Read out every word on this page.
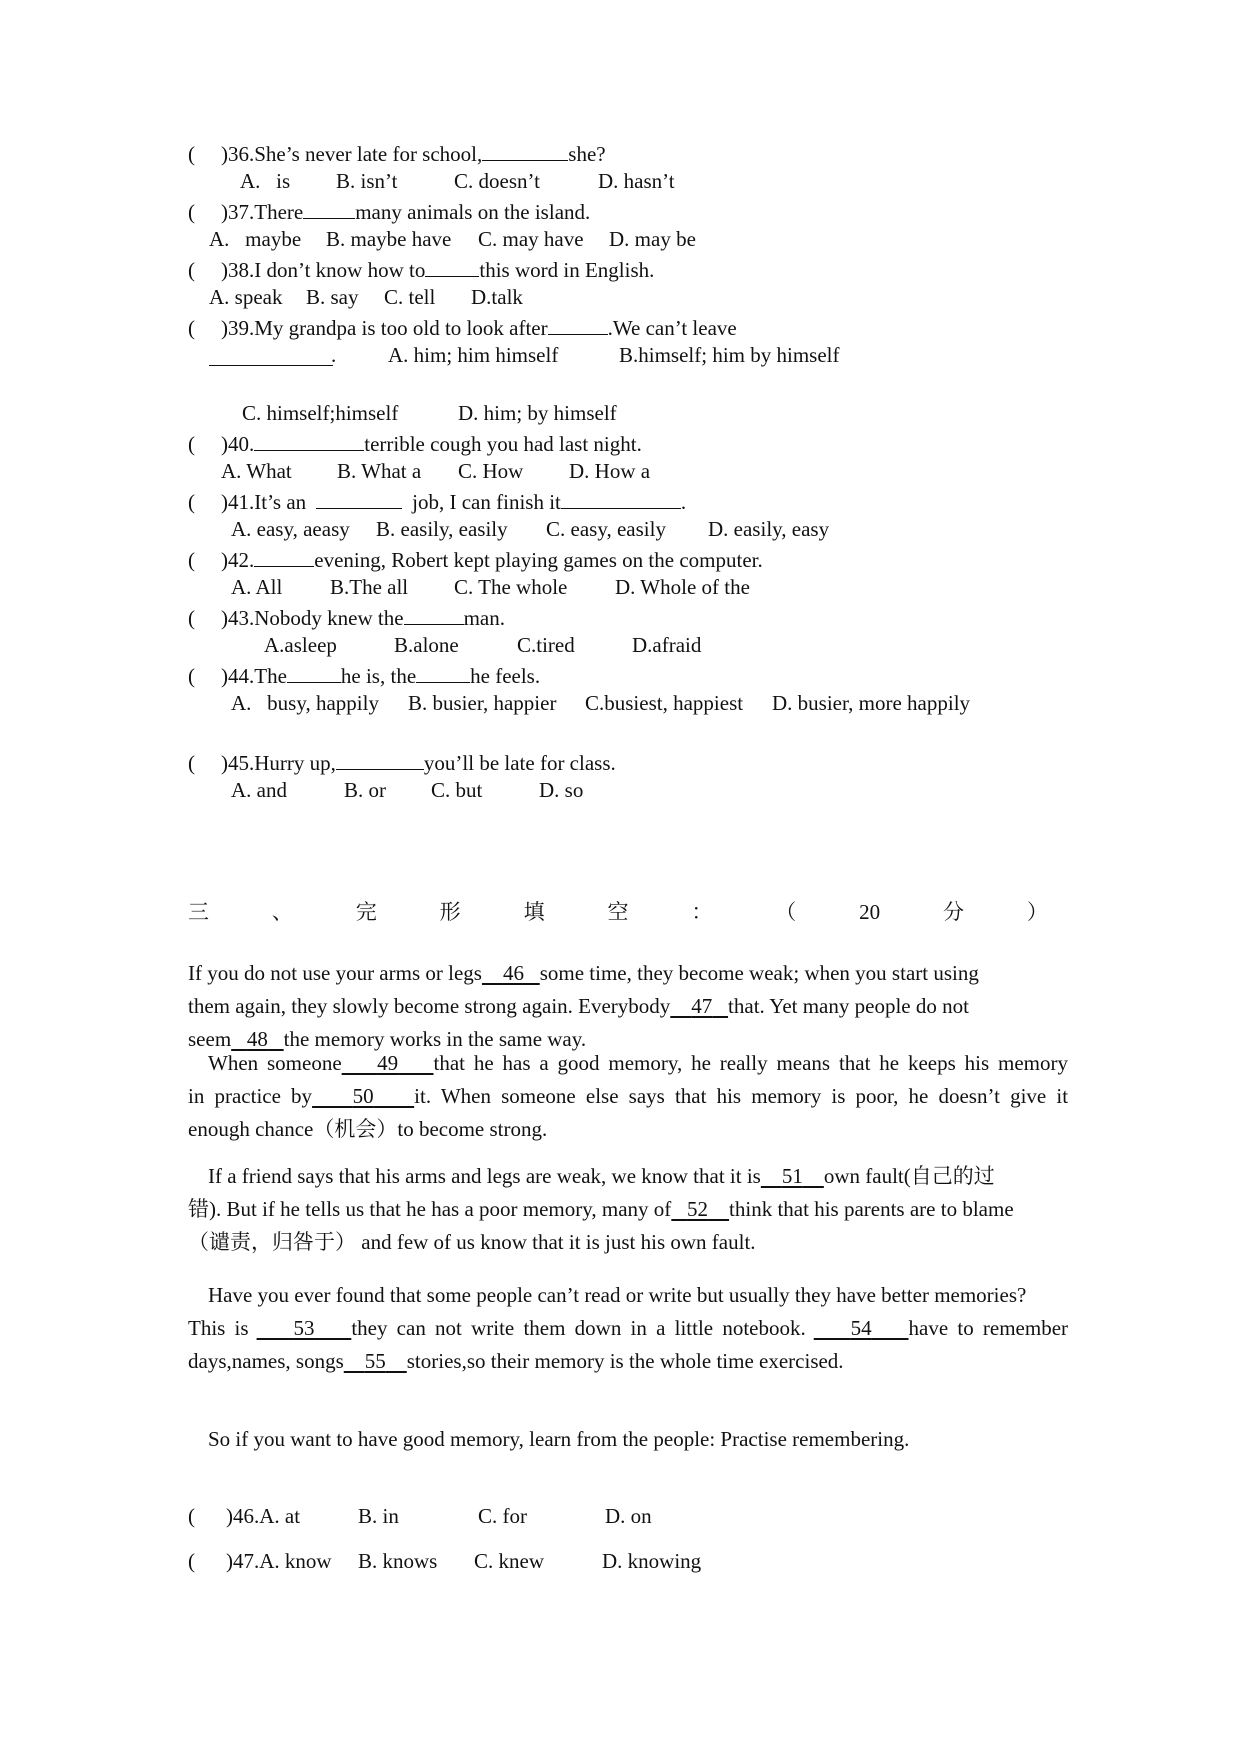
( )36.She’s never late for school,	she?
A.   is B. isn’t	C. doesn’t	D. hasn’t
( )37.There many animals on the island.
A.   maybe B. maybe have C. may have D. may be
( )38.I don’t know how to	this word in English.
A. speak B. say C. tell D.talk
( )39.My grandpa is too old to look after	.We can’t leave
. A. him; him himself	B.himself; him by himself
C. himself;himself	D. him; by himself
( )40.	terrible cough you had last night.
A. What B. What a C. How D. How a
( )41.It’s an	job, I can finish it	.
A. easy, aeasy B. easily, easily C. easy, easily D. easily, easy
( )42.	evening, Robert kept playing games on the computer.
A. All B.The all C. The whole D. Whole of the
( )43.Nobody knew the	man.
A.asleep	B.alone	C.tired	D.afraid
( )44.The	he is, the	he feels.
A.   busy, happily B. busier, happier C.busiest, happiest D. busier, more happily
( )45.Hurry up,	you’ll be late for class.
A. and	B. or C. but	D. so
三	、	完	形	填	空	：	（	20	分	）
If you do not use your arms or legs 46 some time, they become weak; when you start using
them again, they slowly become strong again. Everybody 47 that. Yet many people do not
seem 48 the memory works in the same way.
When someone 49 that he has a good memory, he really means that he keeps his memory
in practice by 50 it. When someone else says that his memory is poor, he doesn’t give it
enough chance（机会）to become strong.
If a friend says that his arms and legs are weak, we know that it is 51 own fault(自己的过
错). But if he tells us that he has a poor memory, many of 52 think that his parents are to blame
（谴责，归咎于） and few of us know that it is just his own fault.
Have you ever found that some people can’t read or write but usually they have better memories?
This is 53 they can not write them down in a little notebook. 54 have to remember
days,names, songs 55 stories,so their memory is the whole time exercised.
So if you want to have good memory, learn from the people: Practise remembering.
( )46.A. at	B. in	C. for	D. on
( )47.A. know B. knows C. knew	D. knowing
